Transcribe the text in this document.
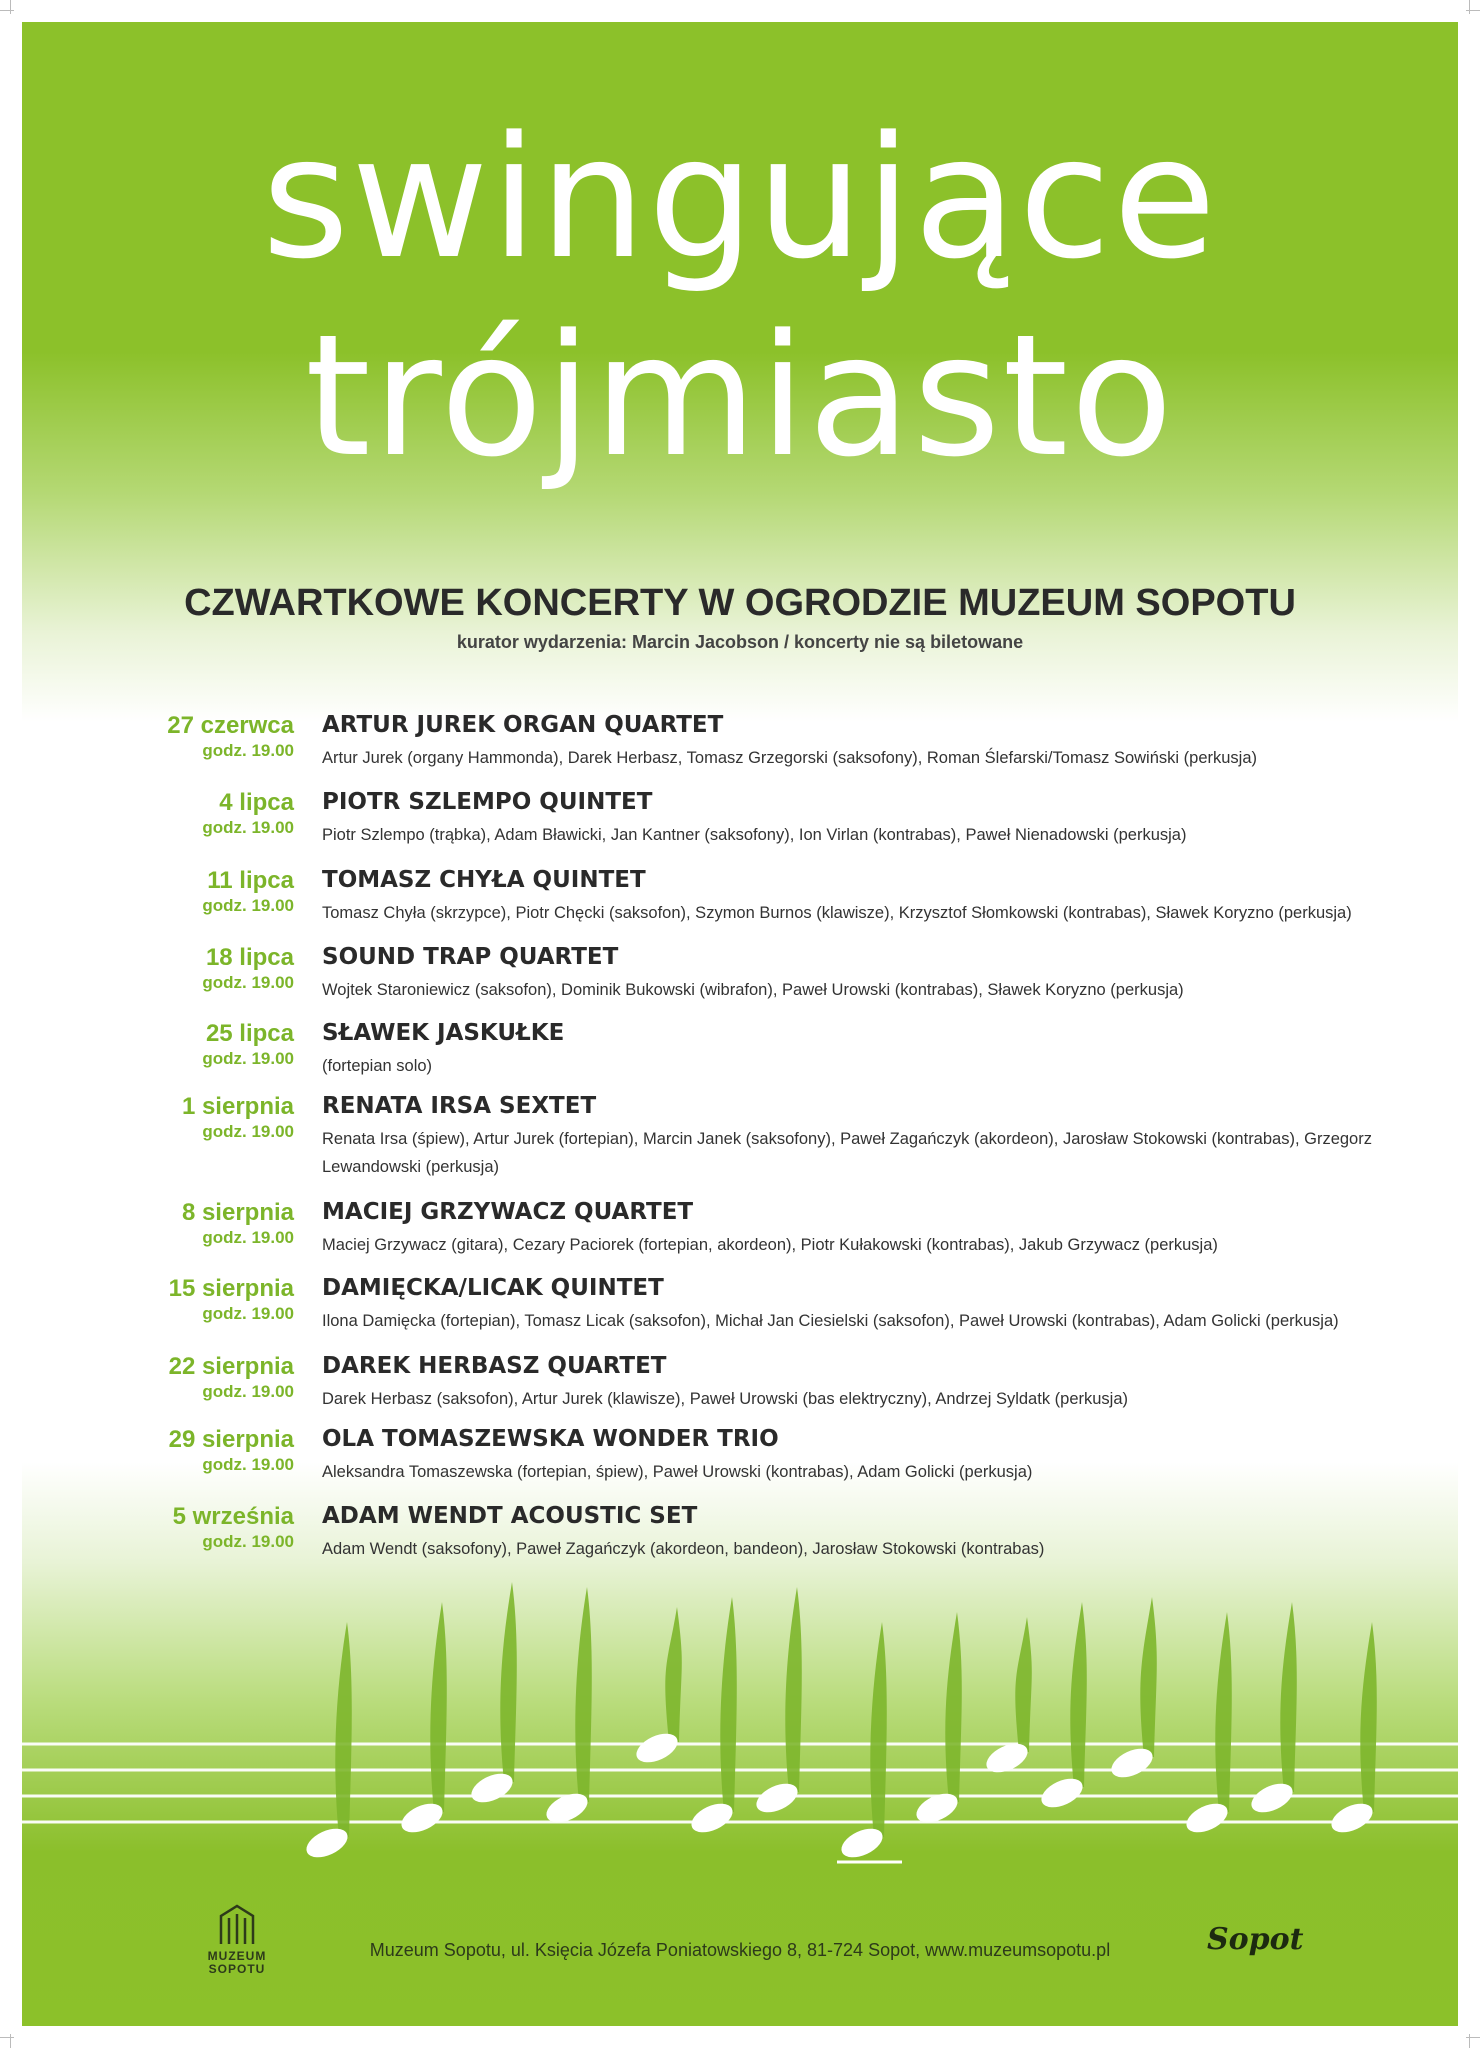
swingujące
trójmiasto
CZWARTKOWE KONCERTY W OGRODZIE MUZEUM SOPOTU
kurator wydarzenia: Marcin Jacobson / koncerty nie są biletowane
27 czerwca
godz. 19.00
ARTUR JUREK ORGAN QUARTET
Artur Jurek (organy Hammonda), Darek Herbasz, Tomasz Grzegorski (saksofony), Roman Ślefarski/Tomasz Sowiński (perkusja)
4 lipca
godz. 19.00
PIOTR SZLEMPO QUINTET
Piotr Szlempo (trąbka), Adam Bławicki, Jan Kantner (saksofony), Ion Virlan (kontrabas), Paweł Nienadowski (perkusja)
11 lipca
godz. 19.00
TOMASZ CHYŁA QUINTET
Tomasz Chyła (skrzypce), Piotr Chęcki (saksofon), Szymon Burnos (klawisze), Krzysztof Słomkowski (kontrabas), Sławek Koryzno (perkusja)
18 lipca
godz. 19.00
SOUND TRAP QUARTET
Wojtek Staroniewicz (saksofon), Dominik Bukowski (wibrafon), Paweł Urowski (kontrabas), Sławek Koryzno (perkusja)
25 lipca
godz. 19.00
SŁAWEK JASKUŁKE
(fortepian solo)
1 sierpnia
godz. 19.00
RENATA IRSA SEXTET
Renata Irsa (śpiew), Artur Jurek (fortepian), Marcin Janek (saksofony), Paweł Zagańczyk (akordeon), Jarosław Stokowski (kontrabas), Grzegorz Lewandowski (perkusja)
8 sierpnia
godz. 19.00
MACIEJ GRZYWACZ QUARTET
Maciej Grzywacz (gitara), Cezary Paciorek (fortepian, akordeon), Piotr Kułakowski (kontrabas), Jakub Grzywacz (perkusja)
15 sierpnia
godz. 19.00
DAMIĘCKA/LICAK QUINTET
Ilona Damięcka (fortepian), Tomasz Licak (saksofon), Michał Jan Ciesielski (saksofon), Paweł Urowski (kontrabas), Adam Golicki (perkusja)
22 sierpnia
godz. 19.00
DAREK HERBASZ QUARTET
Darek Herbasz (saksofon), Artur Jurek (klawisze), Paweł Urowski (bas elektryczny), Andrzej Syldatk (perkusja)
29 sierpnia
godz. 19.00
OLA TOMASZEWSKA WONDER TRIO
Aleksandra Tomaszewska (fortepian, śpiew), Paweł Urowski (kontrabas), Adam Golicki (perkusja)
5 września
godz. 19.00
ADAM WENDT ACOUSTIC SET
Adam Wendt (saksofony), Paweł Zagańczyk (akordeon, bandeon), Jarosław Stokowski (kontrabas)
MUZEUM
SOPOTU
Muzeum Sopotu, ul. Księcia Józefa Poniatowskiego 8, 81-724 Sopot, www.muzeumsopotu.pl	Sopot
